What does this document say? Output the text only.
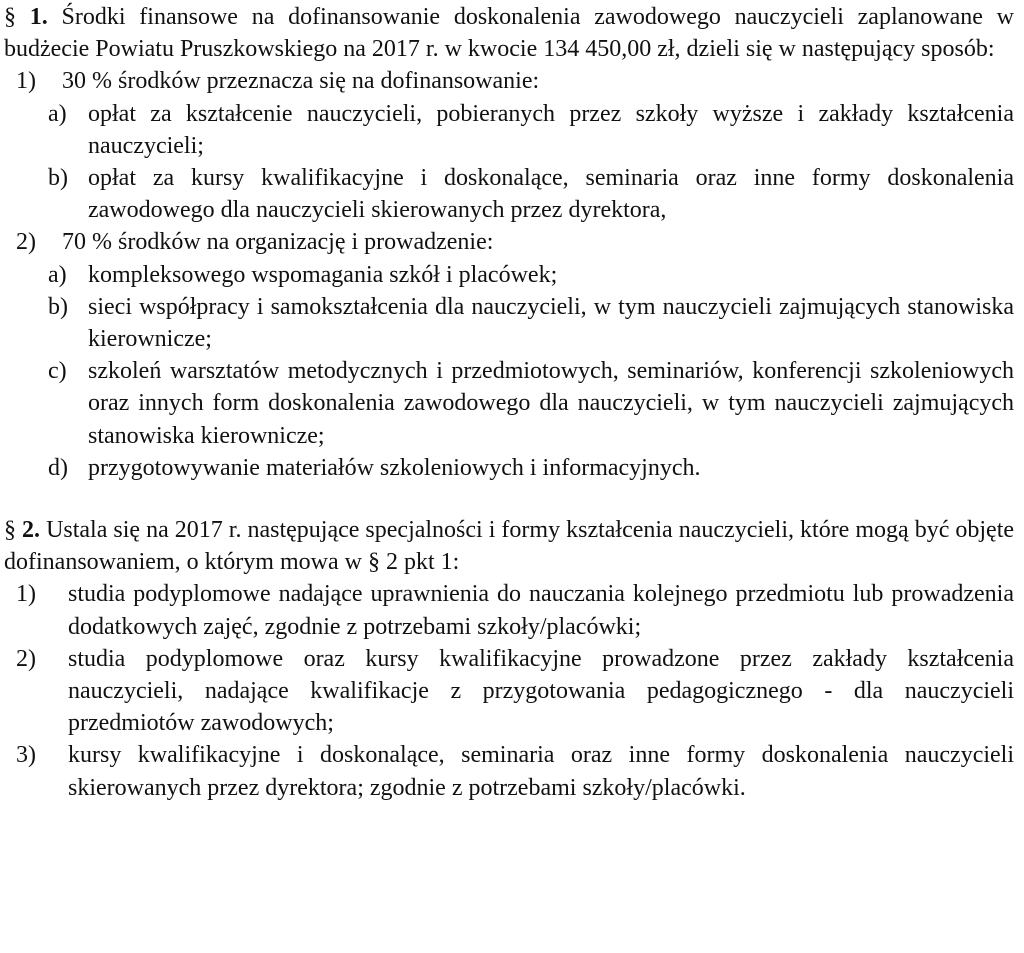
§ 1. Środki finansowe na dofinansowanie doskonalenia zawodowego nauczycieli zaplanowane w budżecie Powiatu Pruszkowskiego na 2017 r. w kwocie 134 450,00 zł, dzieli się w następujący sposób:

1)	30 % środków przeznacza się na dofinansowanie:
a) opłat za kształcenie nauczycieli, pobieranych przez szkoły wyższe i zakłady kształcenia nauczycieli;
b) opłat za kursy kwalifikacyjne i doskonalące, seminaria oraz inne formy doskonalenia zawodowego dla nauczycieli skierowanych przez dyrektora,
2)	70 % środków na organizację i prowadzenie:
a) kompleksowego wspomagania szkół i placówek;
b) sieci współpracy i samokształcenia dla nauczycieli, w tym nauczycieli zajmujących stanowiska kierownicze;
c) szkoleń warsztatów metodycznych i przedmiotowych, seminariów, konferencji szkoleniowych oraz innych form doskonalenia zawodowego dla nauczycieli, w tym nauczycieli zajmujących stanowiska kierownicze;
d) przygotowywanie materiałów szkoleniowych i informacyjnych.

§ 2. Ustala się na 2017 r. następujące specjalności i formy kształcenia nauczycieli, które mogą być objęte dofinansowaniem, o którym mowa w § 2 pkt 1:

1)	studia podyplomowe nadające uprawnienia do nauczania kolejnego przedmiotu lub prowadzenia dodatkowych zajęć, zgodnie z potrzebami szkoły/placówki;
2)	studia podyplomowe oraz kursy kwalifikacyjne prowadzone przez zakłady kształcenia nauczycieli, nadające kwalifikacje z przygotowania pedagogicznego - dla nauczycieli przedmiotów zawodowych;
3)	kursy kwalifikacyjne i doskonalące, seminaria oraz inne formy doskonalenia nauczycieli skierowanych przez dyrektora; zgodnie z potrzebami szkoły/placówki.
